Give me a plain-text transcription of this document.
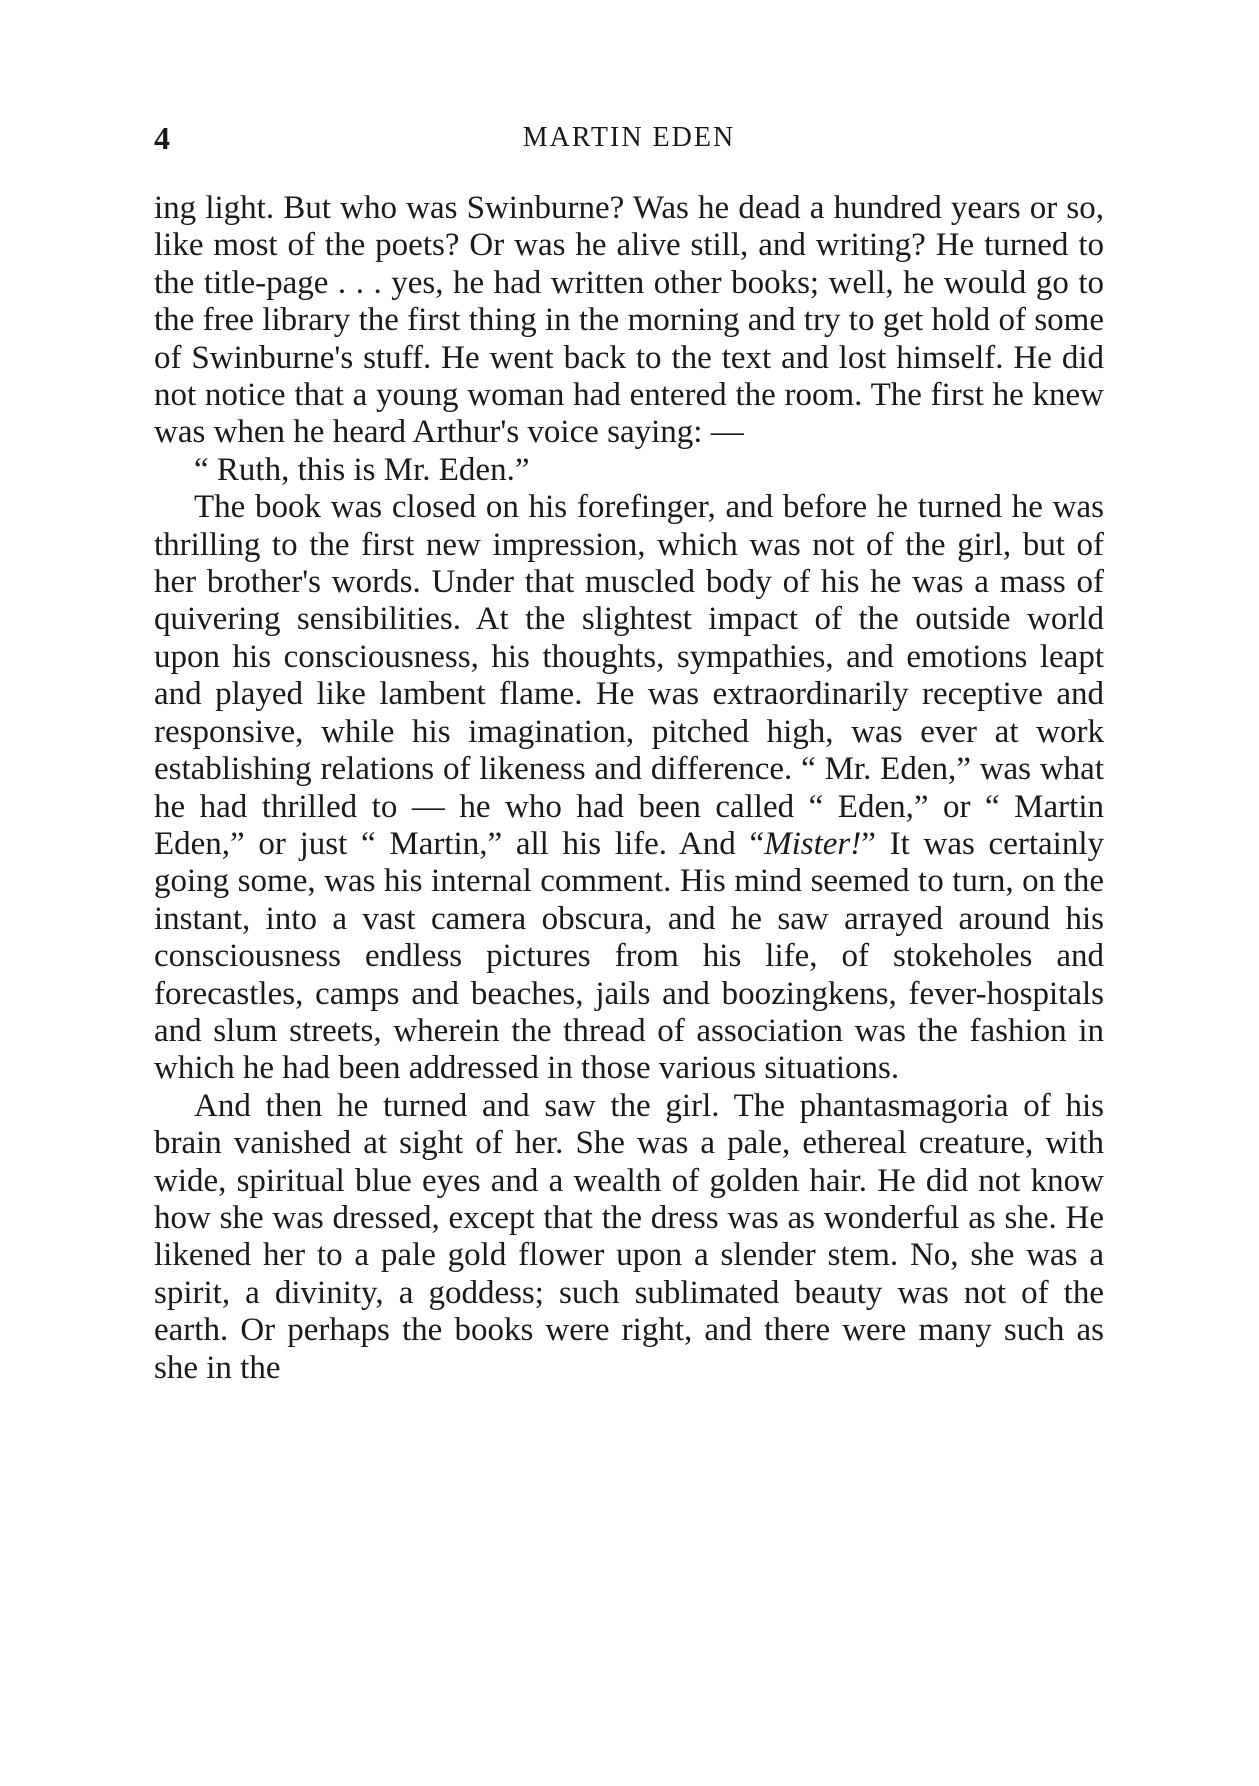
4	MARTIN EDEN

ing light. But who was Swinburne? Was he dead a hundred years or so, like most of the poets? Or was he alive still, and writing? He turned to the title-page . . . yes, he had written other books; well, he would go to the free library the first thing in the morning and try to get hold of some of Swinburne's stuff. He went back to the text and lost himself. He did not notice that a young woman had entered the room. The first he knew was when he heard Arthur's voice saying: —

“ Ruth, this is Mr. Eden.”

The book was closed on his forefinger, and before he turned he was thrilling to the first new impression, which was not of the girl, but of her brother's words. Under that muscled body of his he was a mass of quivering sensibilities. At the slightest impact of the outside world upon his consciousness, his thoughts, sympathies, and emotions leapt and played like lambent flame. He was extraordinarily receptive and responsive, while his imagination, pitched high, was ever at work establishing relations of likeness and difference. “ Mr. Eden,” was what he had thrilled to — he who had been called “ Eden,” or “ Martin Eden,” or just “ Martin,” all his life. And “Mister!” It was certainly going some, was his internal comment. His mind seemed to turn, on the instant, into a vast camera obscura, and he saw arrayed around his consciousness endless pictures from his life, of stokeholes and forecastles, camps and beaches, jails and boozingkens, fever-hospitals and slum streets, wherein the thread of association was the fashion in which he had been addressed in those various situations.

And then he turned and saw the girl. The phantasmagoria of his brain vanished at sight of her. She was a pale, ethereal creature, with wide, spiritual blue eyes and a wealth of golden hair. He did not know how she was dressed, except that the dress was as wonderful as she. He likened her to a pale gold flower upon a slender stem. No, she was a spirit, a divinity, a goddess; such sublimated beauty was not of the earth. Or perhaps the books were right, and there were many such as she in the
